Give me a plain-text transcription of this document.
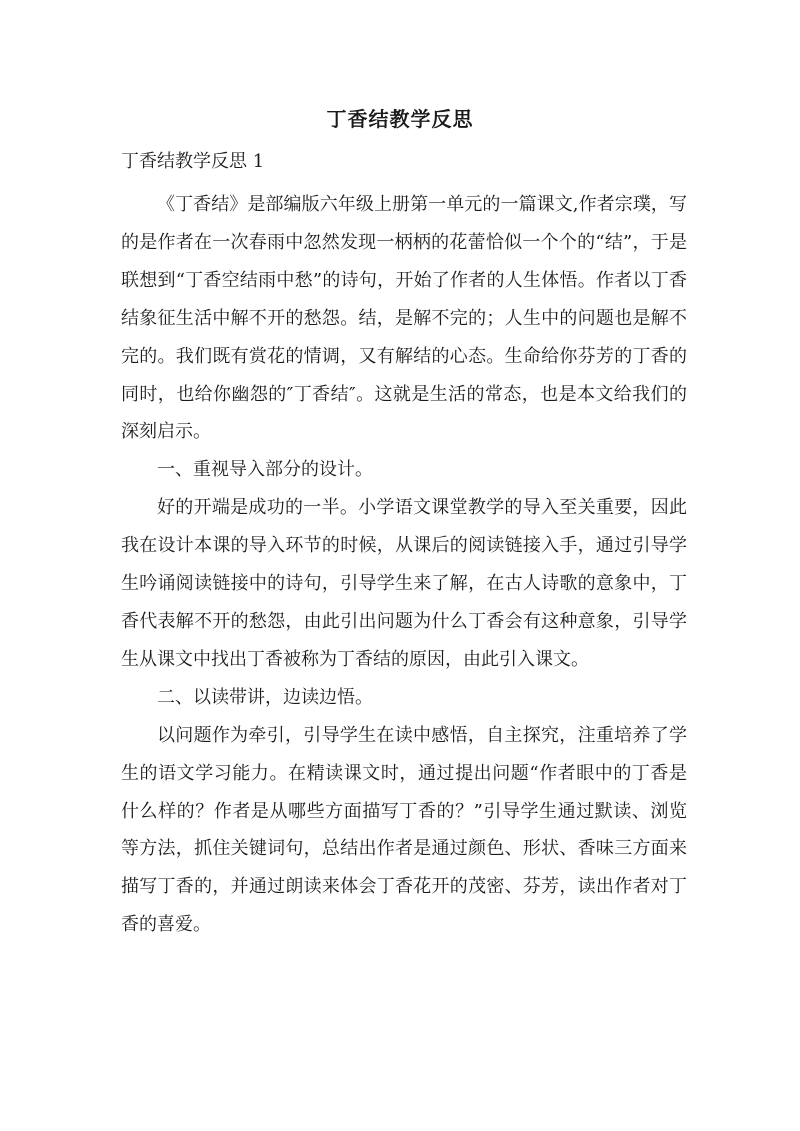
丁香结教学反思

丁香结教学反思 1

《丁香结》是部编版六年级上册第一单元的一篇课文,作者宗璞，写的是作者在一次春雨中忽然发现一柄柄的花蕾恰似一个个的“结”，于是联想到“丁香空结雨中愁”的诗句，开始了作者的人生体悟。作者以丁香结象征生活中解不开的愁怨。结，是解不完的；人生中的问题也是解不完的。我们既有赏花的情调，又有解结的心态。生命给你芬芳的丁香的同时，也给你幽怨的″丁香结″。这就是生活的常态，也是本文给我们的深刻启示。

一、重视导入部分的设计。

好的开端是成功的一半。小学语文课堂教学的导入至关重要，因此我在设计本课的导入环节的时候，从课后的阅读链接入手，通过引导学生吟诵阅读链接中的诗句，引导学生来了解，在古人诗歌的意象中，丁香代表解不开的愁怨，由此引出问题为什么丁香会有这种意象，引导学生从课文中找出丁香被称为丁香结的原因，由此引入课文。

二、以读带讲，边读边悟。

以问题作为牵引，引导学生在读中感悟，自主探究，注重培养了学生的语文学习能力。在精读课文时，通过提出问题“作者眼中的丁香是什么样的？作者是从哪些方面描写丁香的？”引导学生通过默读、浏览等方法，抓住关键词句，总结出作者是通过颜色、形状、香味三方面来描写丁香的，并通过朗读来体会丁香花开的茂密、芬芳，读出作者对丁香的喜爱。
